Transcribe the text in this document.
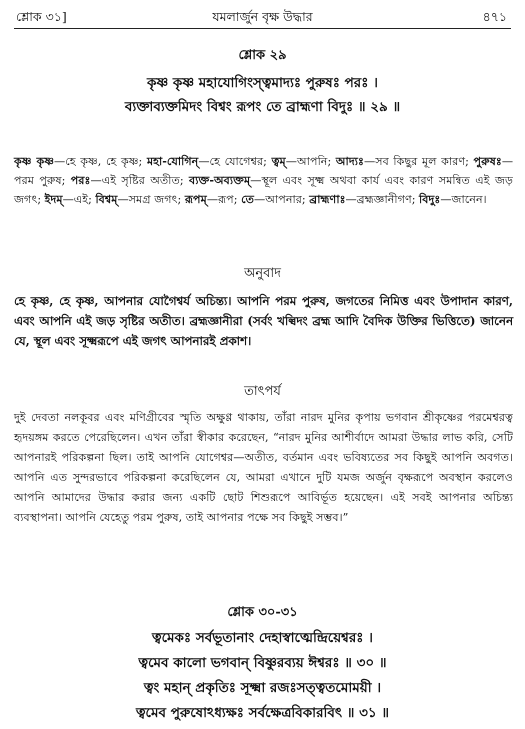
শ্লোক ৩১]	যমলার্জুন বৃক্ষ উদ্ধার	৪৭১
শ্লোক ২৯
কৃষ্ণ কৃষ্ণ মহাযোগিংস্ত্বমাদ্যঃ পুরুষঃ পরঃ ।
ব্যক্তাব্যক্তমিদং বিশ্বং রূপং তে ব্রাহ্মণা বিদুঃ ॥ ২৯ ॥
কৃষ্ণ কৃষ্ণ—হে কৃষ্ণ, হে কৃষ্ণ; মহা-যোগিন্—হে যোগেশ্বর; ত্বম্—আপনি; আদ্যঃ—সব কিছুর মূল কারণ; পুরুষঃ—পরম পুরুষ; পরঃ—এই সৃষ্টির অতীত; ব্যক্ত-অব্যক্তম্—স্থূল এবং সূক্ষ্ম অথবা কার্য এবং কারণ সমন্বিত এই জড় জগৎ; ইদম্—এই; বিশ্বম্—সমগ্র জগৎ; রূপম্—রূপ; তে—আপনার; ব্রাহ্মণাঃ—ব্রহ্মজ্ঞানীগণ; বিদুঃ—জানেন।
অনুবাদ
হে কৃষ্ণ, হে কৃষ্ণ, আপনার যোগৈশ্বর্য অচিন্ত্য। আপনি পরম পুরুষ, জগতের নিমিত্ত এবং উপাদান কারণ, এবং আপনি এই জড় সৃষ্টির অতীত। ব্রহ্মজ্ঞানীরা (সর্বং খল্বিদং ব্রহ্ম আদি বৈদিক উক্তির ভিত্তিতে) জানেন যে, স্থূল এবং সূক্ষ্মরূপে এই জগৎ আপনারই প্রকাশ।
তাৎপর্য
দুই দেবতা নলকূবর এবং মণিগ্রীবের স্মৃতি অক্ষুণ্ণ থাকায়, তাঁরা নারদ মুনির কৃপায় ভগবান শ্রীকৃষ্ণের পরমেশ্বরত্ব হৃদয়ঙ্গম করতে পেরেছিলেন। এখন তাঁরা স্বীকার করেছেন, “নারদ মুনির আশীর্বাদে আমরা উদ্ধার লাভ করি, সেটি আপনারই পরিকল্পনা ছিল। তাই আপনি যোগেশ্বর—অতীত, বর্তমান এবং ভবিষ্যতের সব কিছুই আপনি অবগত। আপনি এত সুন্দরভাবে পরিকল্পনা করেছিলেন যে, আমরা এখানে দুটি যমজ অর্জুন বৃক্ষরূপে অবস্থান করলেও আপনি আমাদের উদ্ধার করার জন্য একটি ছোট শিশুরূপে আবির্ভূত হয়েছেন। এই সবই আপনার অচিন্ত্য ব্যবস্থাপনা। আপনি যেহেতু পরম পুরুষ, তাই আপনার পক্ষে সব কিছুই সম্ভব।”
শ্লোক ৩০-৩১
ত্বমেকঃ সর্বভূতানাং দেহাস্বাত্মেন্দ্রিয়েশ্বরঃ ।
ত্বমেব কালো ভগবান্ বিষ্ণুরব্যয় ঈশ্বরঃ ॥ ৩০ ॥
ত্বং মহান্ প্রকৃতিঃ সূক্ষ্মা রজঃসত্ত্বতমোময়ী ।
ত্বমেব পুরুষোঽধ্যক্ষঃ সর্বক্ষেত্রবিকারবিৎ ॥ ৩১ ॥
